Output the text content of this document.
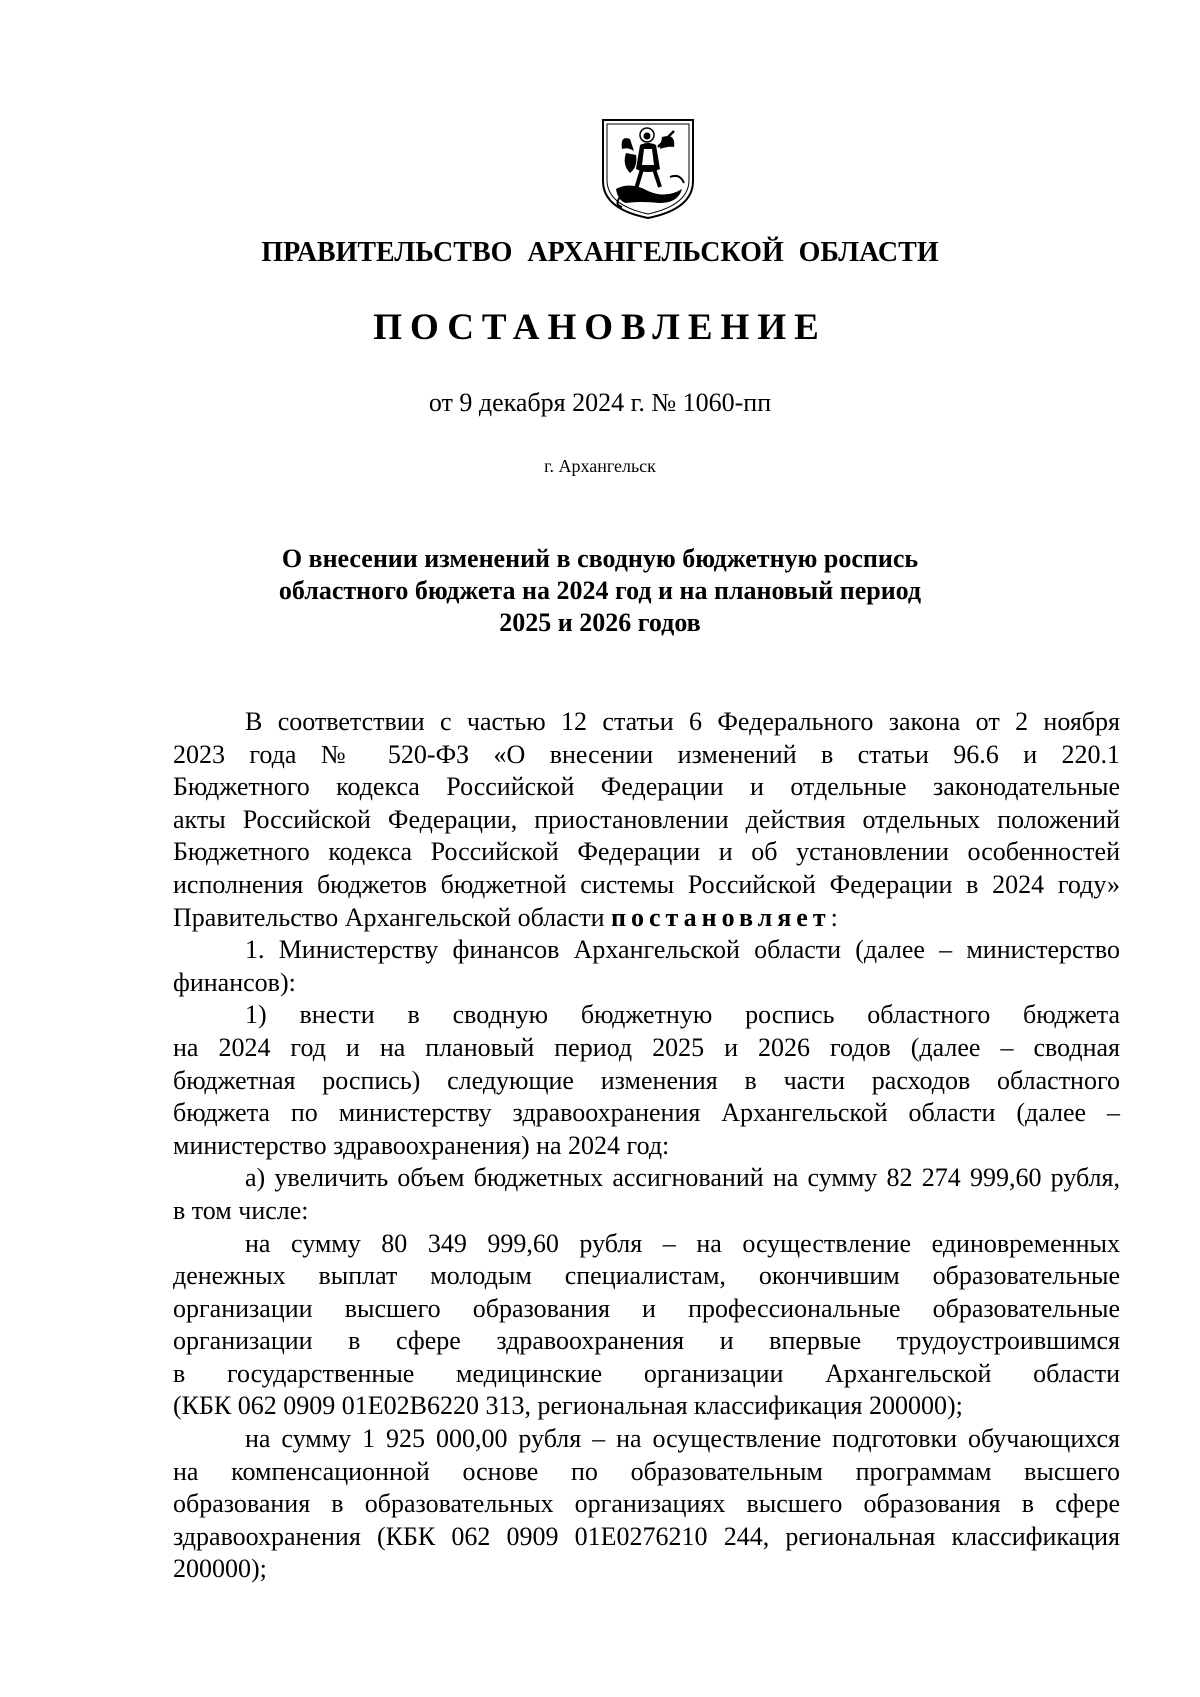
ПРАВИТЕЛЬСТВО АРХАНГЕЛЬСКОЙ ОБЛАСТИ
ПОСТАНОВЛЕНИЕ
от 9 декабря 2024 г. № 1060-пп
г. Архангельск
О внесении изменений в сводную бюджетную роспись
областного бюджета на 2024 год и на плановый период
2025 и 2026 годов
В соответствии с частью 12 статьи 6 Федерального закона от 2 ноября
2023 года № 520-ФЗ «О внесении изменений в статьи 96.6 и 220.1
Бюджетного кодекса Российской Федерации и отдельные законодательные
акты Российской Федерации, приостановлении действия отдельных положений
Бюджетного кодекса Российской Федерации и об установлении особенностей
исполнения бюджетов бюджетной системы Российской Федерации в 2024 году»
Правительство Архангельской области постановляет:
1. Министерству финансов Архангельской области (далее – министерство
финансов):
1) внести в сводную бюджетную роспись областного бюджета
на 2024 год и на плановый период 2025 и 2026 годов (далее – сводная
бюджетная роспись) следующие изменения в части расходов областного
бюджета по министерству здравоохранения Архангельской области (далее –
министерство здравоохранения) на 2024 год:
а) увеличить объем бюджетных ассигнований на сумму 82 274 999,60 рубля,
в том числе:
на сумму 80 349 999,60 рубля – на осуществление единовременных
денежных выплат молодым специалистам, окончившим образовательные
организации высшего образования и профессиональные образовательные
организации в сфере здравоохранения и впервые трудоустроившимся
в государственные медицинские организации Архангельской области
(КБК 062 0909 01Е02В6220 313, региональная классификация 200000);
на сумму 1 925 000,00 рубля – на осуществление подготовки обучающихся
на компенсационной основе по образовательным программам высшего
образования в образовательных организациях высшего образования в сфере
здравоохранения (КБК 062 0909 01Е0276210 244, региональная классификация
200000);
